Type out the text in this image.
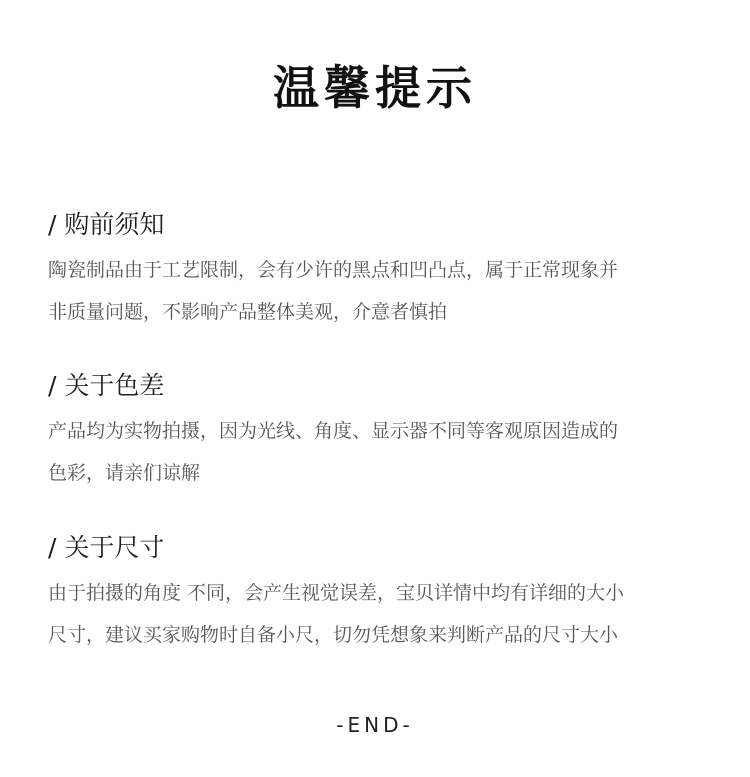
温馨提示
/ 购前须知
陶瓷制品由于工艺限制，会有少许的黑点和凹凸点，属于正常现象并
非质量问题，不影响产品整体美观，介意者慎拍
/ 关于色差
产品均为实物拍摄，因为光线、角度、显示器不同等客观原因造成的
色彩，请亲们谅解
/ 关于尺寸
由于拍摄的角度 不同，会产生视觉误差，宝贝详情中均有详细的大小
尺寸，建议买家购物时自备小尺，切勿凭想象来判断产品的尺寸大小
-END-
